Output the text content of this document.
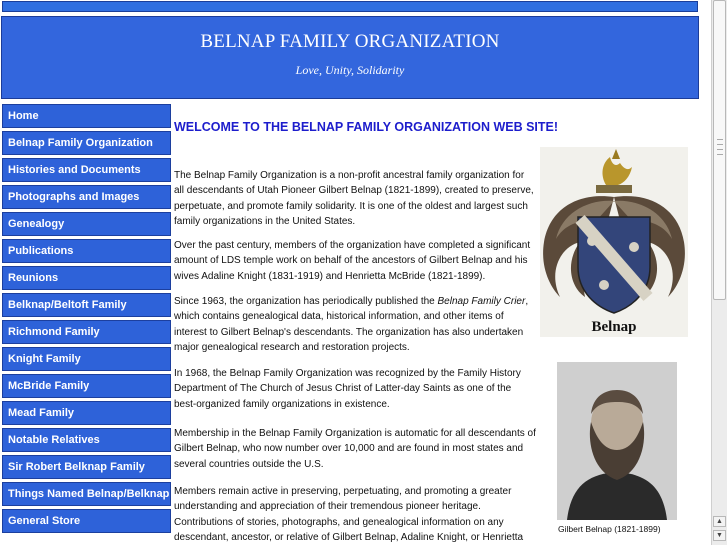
BELNAP FAMILY ORGANIZATION
Love, Unity, Solidarity
Home
Belnap Family Organization
Histories and Documents
Photographs and Images
Genealogy
Publications
Reunions
Belknap/Beltoft Family
Richmond Family
Knight Family
McBride Family
Mead Family
Notable Relatives
Sir Robert Belknap Family
Things Named Belnap/Belknap
General Store
WELCOME TO THE BELNAP FAMILY ORGANIZATION WEB SITE!
The Belnap Family Organization is a non-profit ancestral family organization for all descendants of Utah Pioneer Gilbert Belnap (1821-1899), created to preserve, perpetuate, and promote family solidarity. It is one of the oldest and largest such family organizations in the United States.
Over the past century, members of the organization have completed a significant amount of LDS temple work on behalf of the ancestors of Gilbert Belnap and his wives Adaline Knight (1831-1919) and Henrietta McBride (1821-1899).
Since 1963, the organization has periodically published the Belnap Family Crier, which contains genealogical data, historical information, and other items of interest to Gilbert Belnap's descendants. The organization has also undertaken major genealogical research and restoration projects.
In 1968, the Belnap Family Organization was recognized by the Family History Department of The Church of Jesus Christ of Latter-day Saints as one of the best-organized family organizations in existence.
Membership in the Belnap Family Organization is automatic for all descendants of Gilbert Belnap, who now number over 10,000 and are found in most states and several countries outside the U.S.
Members remain active in preserving, perpetuating, and promoting a greater understanding and appreciation of their tremendous pioneer heritage. Contributions of stories, photographs, and genealogical information on any descendant, ancestor, or relative of Gilbert Belnap, Adaline Knight, or Henrietta
Belnap
Gilbert Belnap (1821-1899)
▲
▼
